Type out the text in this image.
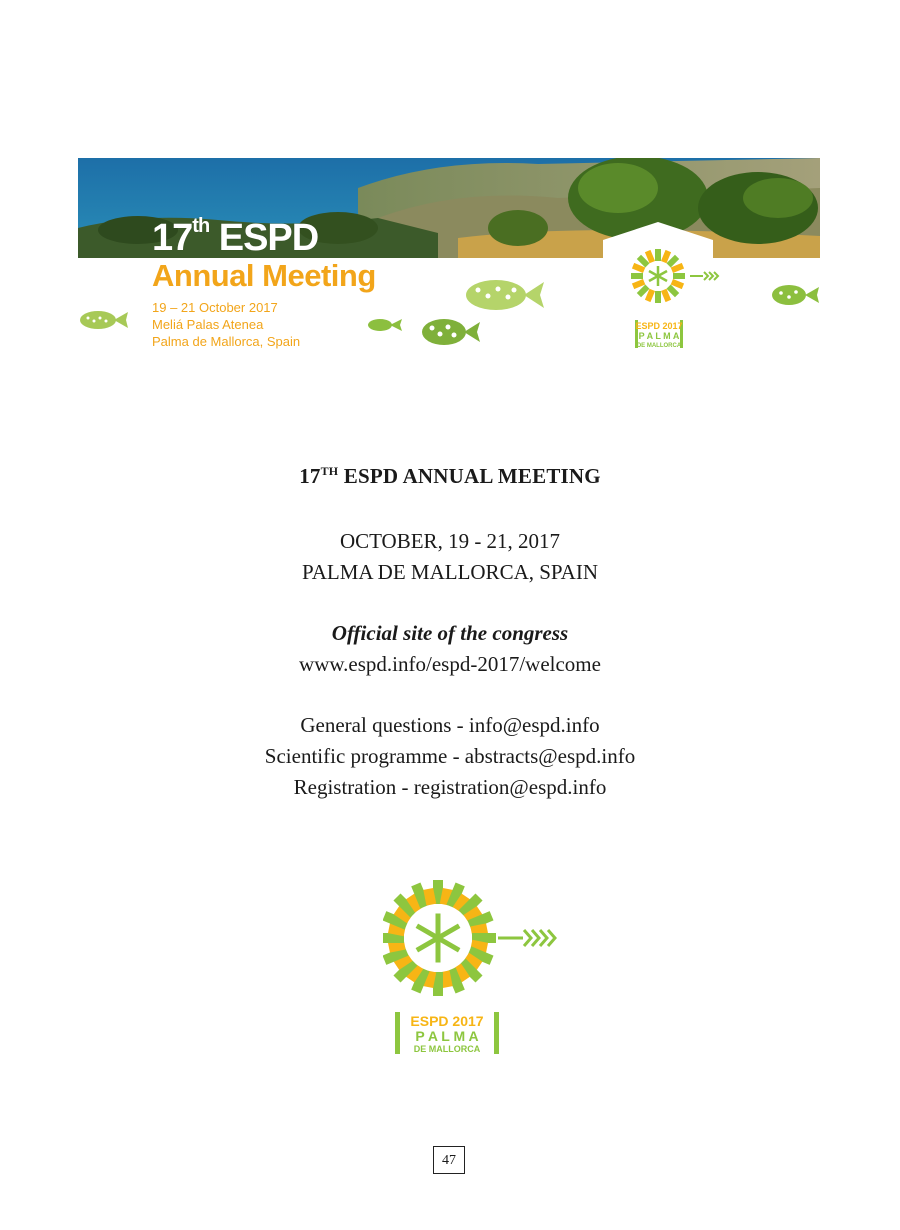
17th ESPD
Annual Meeting
19 – 21 October 2017
Meliá Palas Atenea
Palma de Mallorca, Spain
ESPD 2017
P A L M A
DE MALLORCA
17TH ESPD ANNUAL MEETING
OCTOBER, 19 - 21, 2017
PALMA DE MALLORCA, SPAIN
Official site of the congress
www.espd.info/espd-2017/welcome
General questions - info@espd.info
Scientific programme - abstracts@espd.info
Registration - registration@espd.info
ESPD 2017
P A L M A
DE MALLORCA
47
